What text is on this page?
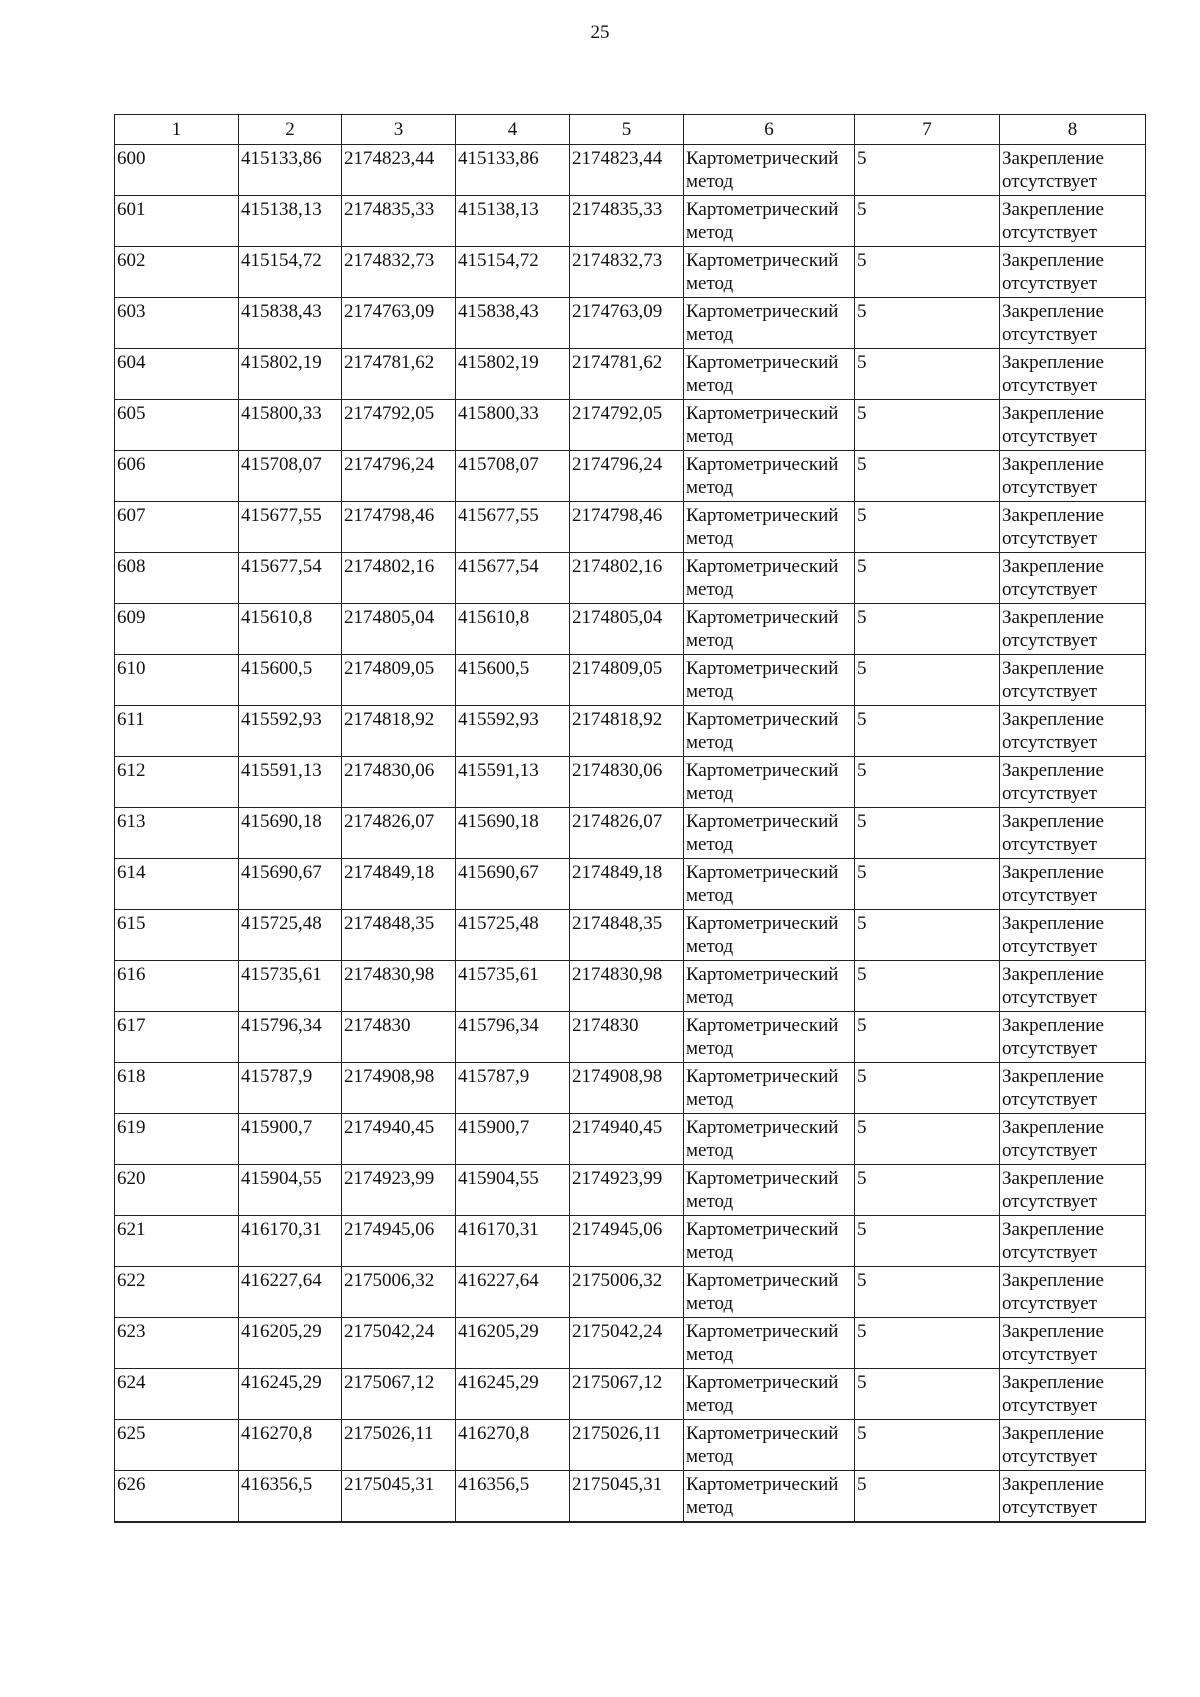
25
1	2	3	4	5	6	7	8
600	415133,86	2174823,44	415133,86	2174823,44	Картометрический метод	5	Закрепление отсутствует
601	415138,13	2174835,33	415138,13	2174835,33	Картометрический метод	5	Закрепление отсутствует
602	415154,72	2174832,73	415154,72	2174832,73	Картометрический метод	5	Закрепление отсутствует
603	415838,43	2174763,09	415838,43	2174763,09	Картометрический метод	5	Закрепление отсутствует
604	415802,19	2174781,62	415802,19	2174781,62	Картометрический метод	5	Закрепление отсутствует
605	415800,33	2174792,05	415800,33	2174792,05	Картометрический метод	5	Закрепление отсутствует
606	415708,07	2174796,24	415708,07	2174796,24	Картометрический метод	5	Закрепление отсутствует
607	415677,55	2174798,46	415677,55	2174798,46	Картометрический метод	5	Закрепление отсутствует
608	415677,54	2174802,16	415677,54	2174802,16	Картометрический метод	5	Закрепление отсутствует
609	415610,8	2174805,04	415610,8	2174805,04	Картометрический метод	5	Закрепление отсутствует
610	415600,5	2174809,05	415600,5	2174809,05	Картометрический метод	5	Закрепление отсутствует
611	415592,93	2174818,92	415592,93	2174818,92	Картометрический метод	5	Закрепление отсутствует
612	415591,13	2174830,06	415591,13	2174830,06	Картометрический метод	5	Закрепление отсутствует
613	415690,18	2174826,07	415690,18	2174826,07	Картометрический метод	5	Закрепление отсутствует
614	415690,67	2174849,18	415690,67	2174849,18	Картометрический метод	5	Закрепление отсутствует
615	415725,48	2174848,35	415725,48	2174848,35	Картометрический метод	5	Закрепление отсутствует
616	415735,61	2174830,98	415735,61	2174830,98	Картометрический метод	5	Закрепление отсутствует
617	415796,34	2174830	415796,34	2174830	Картометрический метод	5	Закрепление отсутствует
618	415787,9	2174908,98	415787,9	2174908,98	Картометрический метод	5	Закрепление отсутствует
619	415900,7	2174940,45	415900,7	2174940,45	Картометрический метод	5	Закрепление отсутствует
620	415904,55	2174923,99	415904,55	2174923,99	Картометрический метод	5	Закрепление отсутствует
621	416170,31	2174945,06	416170,31	2174945,06	Картометрический метод	5	Закрепление отсутствует
622	416227,64	2175006,32	416227,64	2175006,32	Картометрический метод	5	Закрепление отсутствует
623	416205,29	2175042,24	416205,29	2175042,24	Картометрический метод	5	Закрепление отсутствует
624	416245,29	2175067,12	416245,29	2175067,12	Картометрический метод	5	Закрепление отсутствует
625	416270,8	2175026,11	416270,8	2175026,11	Картометрический метод	5	Закрепление отсутствует
626	416356,5	2175045,31	416356,5	2175045,31	Картометрический метод	5	Закрепление отсутствует
